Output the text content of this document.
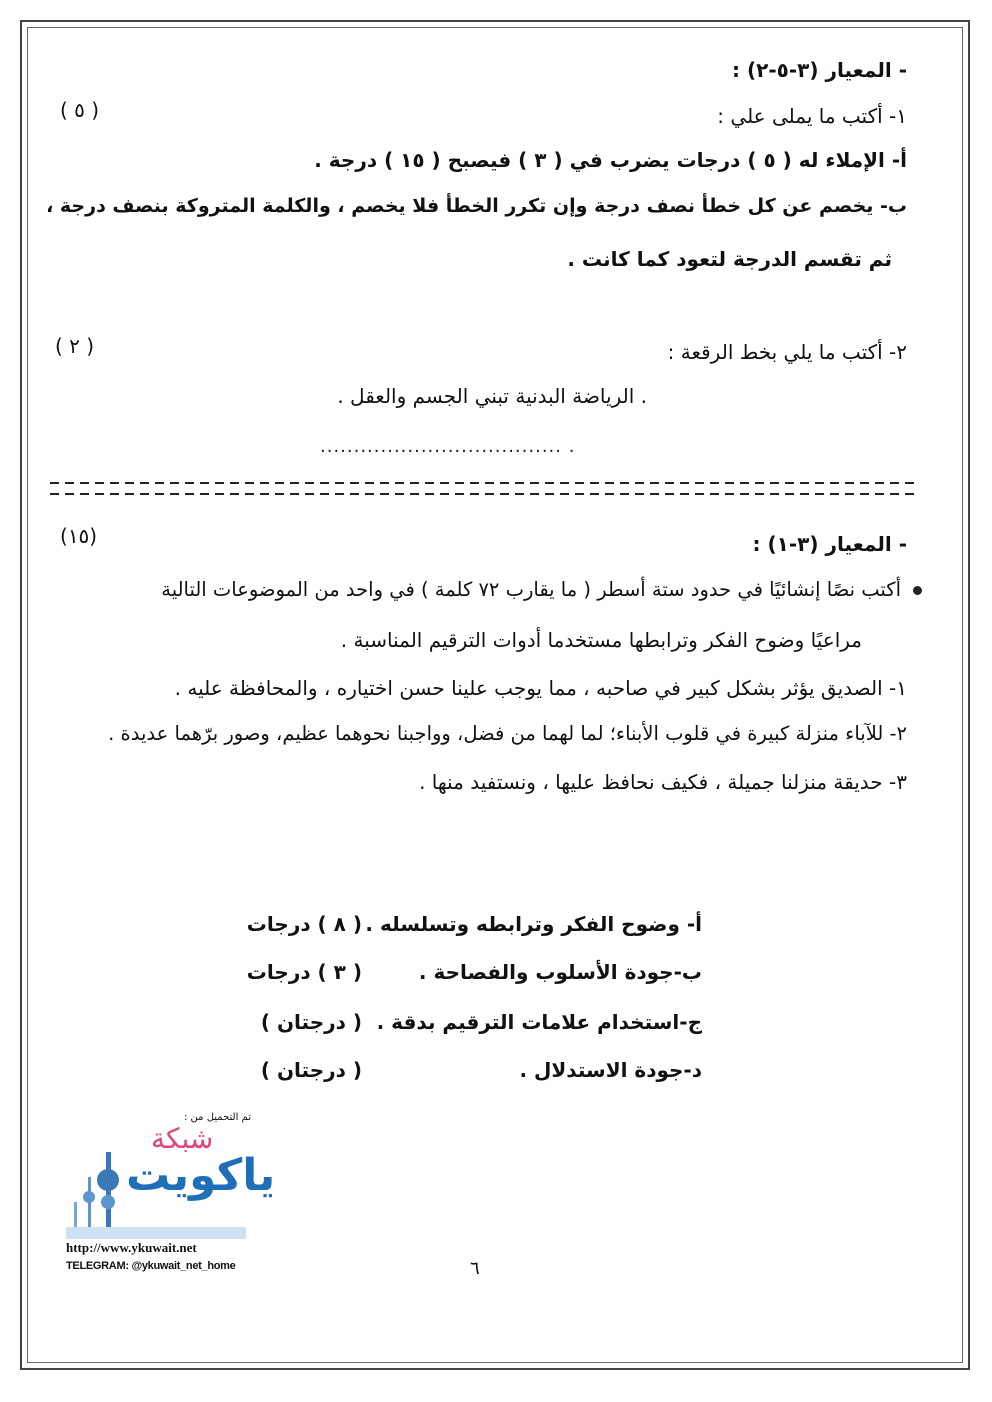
- المعيار (٣-٥-٢) :
١- أكتب ما يملى علي :
( ٥ )
أ- الإملاء له ( ٥ ) درجات يضرب في ( ٣ ) فيصبح ( ١٥ ) درجة .
ب- يخصم عن كل خطأ نصف درجة وإن تكرر الخطأ فلا يخصم ، والكلمة المتروكة بنصف درجة ،
ثم تقسم الدرجة لتعود كما كانت .
٢- أكتب ما يلي بخط الرقعة :
( ٢ )
. الرياضة البدنية تبني الجسم والعقل .
.................................... .
- المعيار (٣-١) :
(١٥)
أكتب نصًا إنشائيًا في حدود ستة أسطر ( ما يقارب ٧٢ كلمة ) في واحد من الموضوعات التالية
مراعيًا وضوح الفكر وترابطها مستخدما أدوات الترقيم المناسبة .
١- الصديق يؤثر بشكل كبير في صاحبه ، مما يوجب علينا حسن اختياره ، والمحافظة عليه .
٢- للآباء منزلة كبيرة في قلوب الأبناء؛ لما لهما من فضل، وواجبنا نحوهما عظيم، وصور برّهما عديدة .
٣- حديقة منزلنا جميلة ، فكيف نحافظ عليها ، ونستفيد منها .
أ- وضوح الفكر وترابطه وتسلسله .
( ٨ ) درجات
ب-جودة الأسلوب والفصاحة .
( ٣ ) درجات
ج-استخدام علامات الترقيم بدقة .
( درجتان )
د-جودة الاستدلال .
( درجتان )
تم التحميل من :
شبكة
ياكويت
http://www.ykuwait.net
TELEGRAM: @ykuwait_net_home	٦
